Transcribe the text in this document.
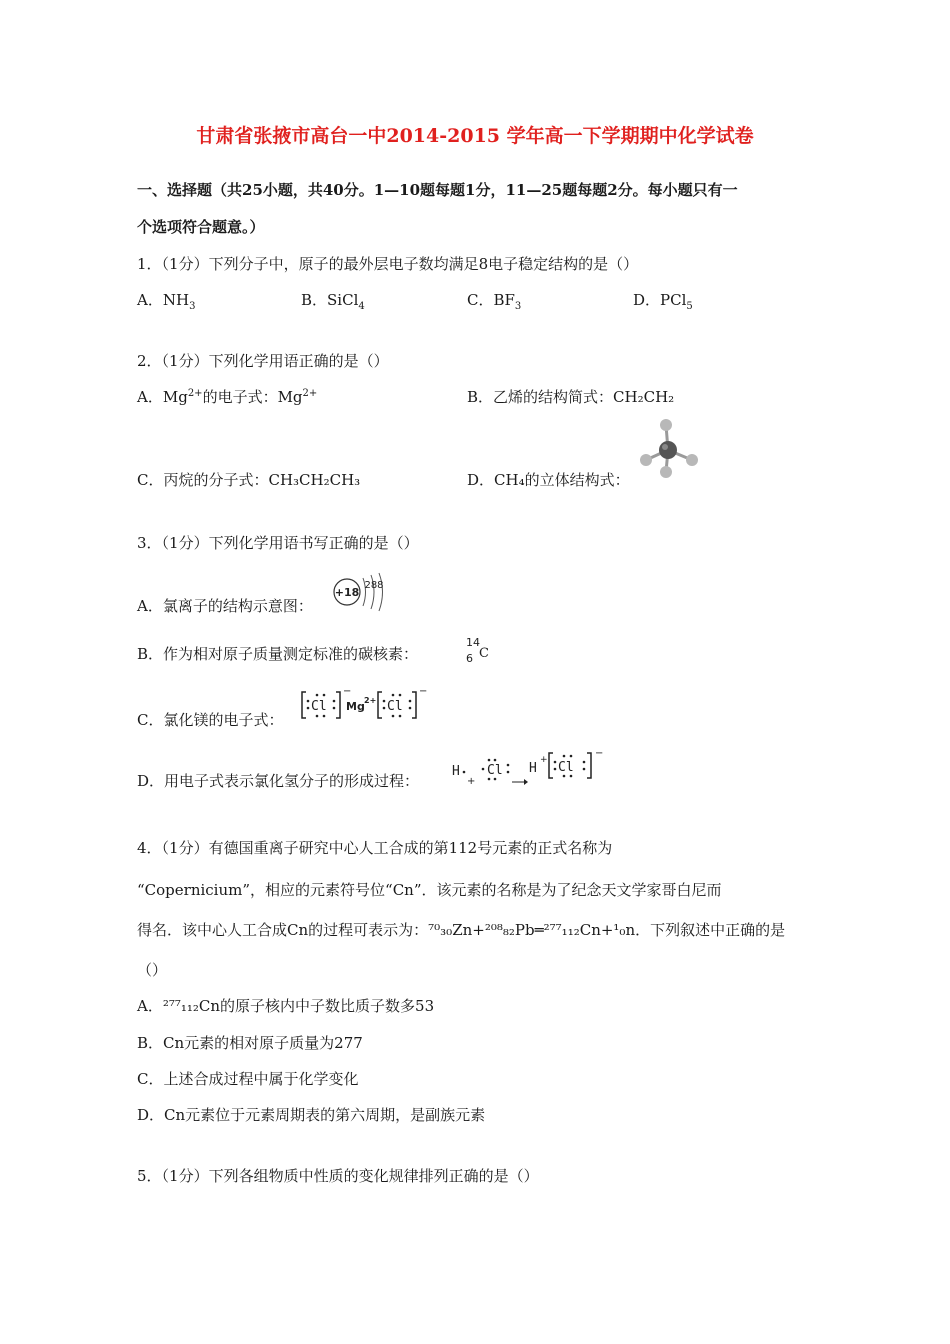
甘肃省张掖市高台一中2014-2015 学年高一下学期期中化学试卷
一、选择题（共25小题，共40分。1—10题每题1分，11—25题每题2分。每小题只有一
个选项符合题意。）
1．（1分）下列分子中，原子的最外层电子数均满足8电子稳定结构的是（）
A．$NH_3$	B．SiCl$_4$	C．$BF_3$	D．PCl$_5$
2．（1分）下列化学用语正确的是（）
A．$Mg^{2+}$的电子式：$Mg^{2+}$	B．乙烯的结构简式：CH₂CH₂
C．丙烷的分子式：CH₃CH₂CH₃	D．CH₄的立体结构式：
3．（1分）下列化学用语书写正确的是（）
A．氯离子的结构示意图：
+18
288
B．作为相对原子质量测定标准的碳核素：
14
6 C
C．氯化镁的电子式：
Cl
−
Mg 2+ Cl
−
D．用电子式表示氯化氢分子的形成过程：
H
+
Cl H
+ Cl
−
4．（1分）有德国重离子研究中心人工合成的第112号元素的正式名称为
“Copernicium”，相应的元素符号位“Cn”．该元素的名称是为了纪念天文学家哥白尼而
得名．该中心人工合成Cn的过程可表示为：⁷⁰₃₀Zn+²⁰⁸₈₂Pb═²⁷⁷₁₁₂Cn+¹₀n．下列叙述中正确的是
（）
A．²⁷⁷₁₁₂Cn的原子核内中子数比质子数多53
B．Cn元素的相对原子质量为277
C．上述合成过程中属于化学变化
D．Cn元素位于元素周期表的第六周期，是副族元素
5．（1分）下列各组物质中性质的变化规律排列正确的是（）
